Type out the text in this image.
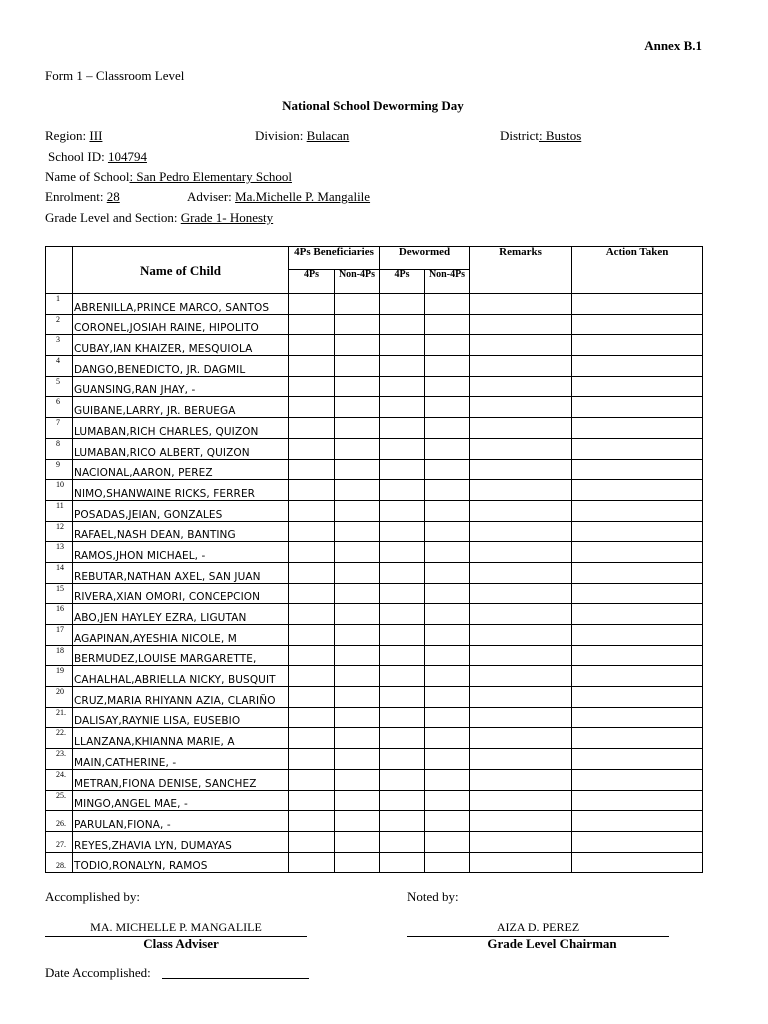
Annex B.1
Form 1 – Classroom Level
National School Deworming Day
Region: III	Division: Bulacan	District: Bustos
School ID: 104794
Name of School: San Pedro Elementary School
Enrolment: 28	Adviser: Ma.Michelle P. Mangalile
Grade Level and Section: Grade 1- Honesty
	Name of Child	4Ps Beneficiaries		Dewormed		Remarks	Action Taken
		4Ps	Non-4Ps	4Ps	Non-4Ps		

1	ABRENILLA,PRINCE MARCO, SANTOS						

2	CORONEL,JOSIAH RAINE, HIPOLITO						

3	CUBAY,IAN KHAIZER, MESQUIOLA						

4	DANGO,BENEDICTO, JR. DAGMIL						

5	GUANSING,RAN JHAY, -						

6	GUIBANE,LARRY, JR. BERUEGA						

7	LUMABAN,RICH CHARLES, QUIZON						

8	LUMABAN,RICO ALBERT, QUIZON						

9	NACIONAL,AARON, PEREZ						

10	NIMO,SHANWAINE RICKS, FERRER						

11	POSADAS,JEIAN, GONZALES						

12	RAFAEL,NASH DEAN, BANTING						

13	RAMOS,JHON MICHAEL, -						

14	REBUTAR,NATHAN AXEL, SAN JUAN						

15	RIVERA,XIAN OMORI, CONCEPCION						

16	ABO,JEN HAYLEY EZRA, LIGUTAN						

17	AGAPINAN,AYESHIA NICOLE, M						

18	BERMUDEZ,LOUISE MARGARETTE,						

19	CAHALHAL,ABRIELLA NICKY, BUSQUIT						

20	CRUZ,MARIA RHIYANN AZIA, CLARIÑO						

21.	DALISAY,RAYNIE LISA, EUSEBIO						

22.	LLANZANA,KHIANNA MARIE, A						

23.	MAIN,CATHERINE, -						

24.	METRAN,FIONA DENISE, SANCHEZ						

25.	MINGO,ANGEL MAE, -						

26.	PARULAN,FIONA, -						

27.	REYES,ZHAVIA LYN, DUMAYAS						

28.	TODIO,RONALYN, RAMOS						
Accomplished by:	Noted by:
MA. MICHELLE P. MANGALILE
Class Adviser
AIZA D. PEREZ
Grade Level Chairman
Date Accomplished:
